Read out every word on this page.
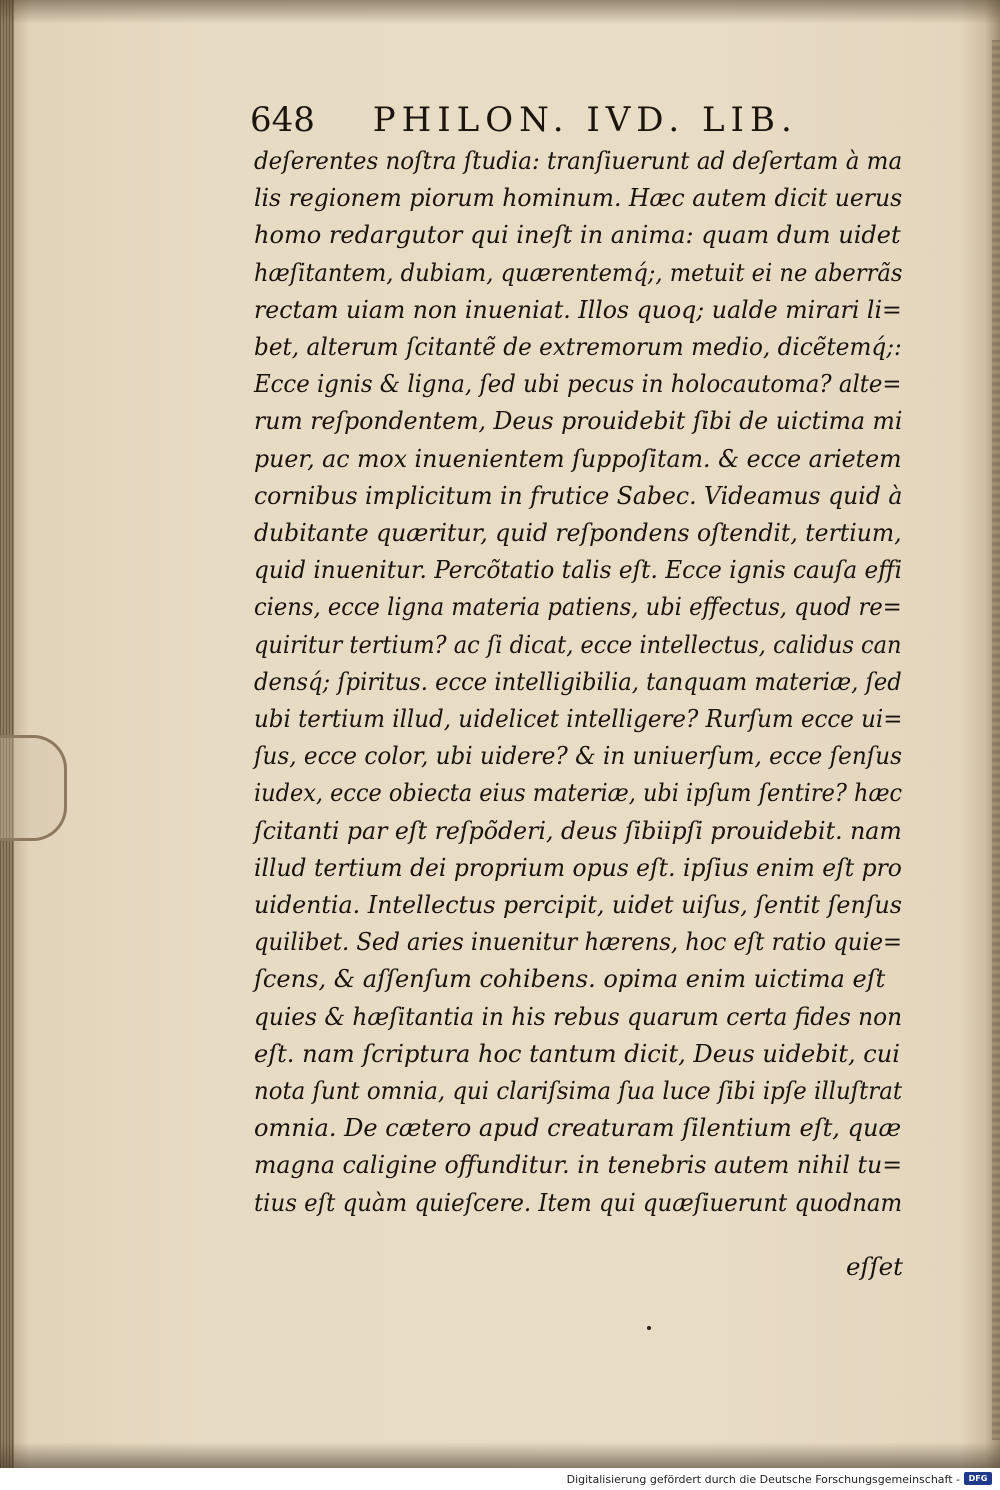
648 PHILON. IVD. LIB.
deſerentes noſtra ſtudia: tranſiuerunt ad deſertam à ma
lis regionem piorum hominum. Hæc autem dicit uerus
homo redargutor qui ineſt in anima: quam dum uidet
hæſitantem, dubiam, quærentemq́;, metuit ei ne aberrãs
rectam uiam non inueniat. Illos quoq; ualde mirari li=
bet, alterum ſcitantẽ de extremorum medio, dicẽtemq́;:
Ecce ignis & ligna, ſed ubi pecus in holocautoma? alte=
rum reſpondentem, Deus prouidebit ſibi de uictima mi
puer, ac mox inuenientem ſuppoſitam. & ecce arietem
cornibus implicitum in frutice Sabec. Videamus quid à
dubitante quæritur, quid reſpondens oſtendit, tertium,
quid inuenitur. Percõtatio talis eſt. Ecce ignis cauſa effi
ciens, ecce ligna materia patiens, ubi effectus, quod re=
quiritur tertium? ac ſi dicat, ecce intellectus, calidus can
densq́; ſpiritus. ecce intelligibilia, tanquam materiæ, ſed
ubi tertium illud, uidelicet intelligere? Rurſum ecce ui=
ſus, ecce color, ubi uidere? & in uniuerſum, ecce ſenſus
iudex, ecce obiecta eius materiæ, ubi ipſum ſentire? hæc
ſcitanti par eſt reſpõderi, deus ſibiipſi prouidebit. nam
illud tertium dei proprium opus eſt. ipſius enim eſt pro
uidentia. Intellectus percipit, uidet uiſus, ſentit ſenſus
quilibet. Sed aries inuenitur hærens, hoc eſt ratio quie=
ſcens, & aſſenſum cohibens. opima enim uictima eſt
quies & hæſitantia in his rebus quarum certa fides non
eſt. nam ſcriptura hoc tantum dicit, Deus uidebit, cui
nota ſunt omnia, qui clariſsima ſua luce ſibi ipſe illuſtrat
omnia. De cætero apud creaturam ſilentium eſt, quæ
magna caligine offunditur. in tenebris autem nihil tu=
tius eſt quàm quieſcere. Item qui quæſiuerunt quodnam
eſſet
Digitalisierung gefördert durch die Deutsche Forschungsgemeinschaft -	DFG
